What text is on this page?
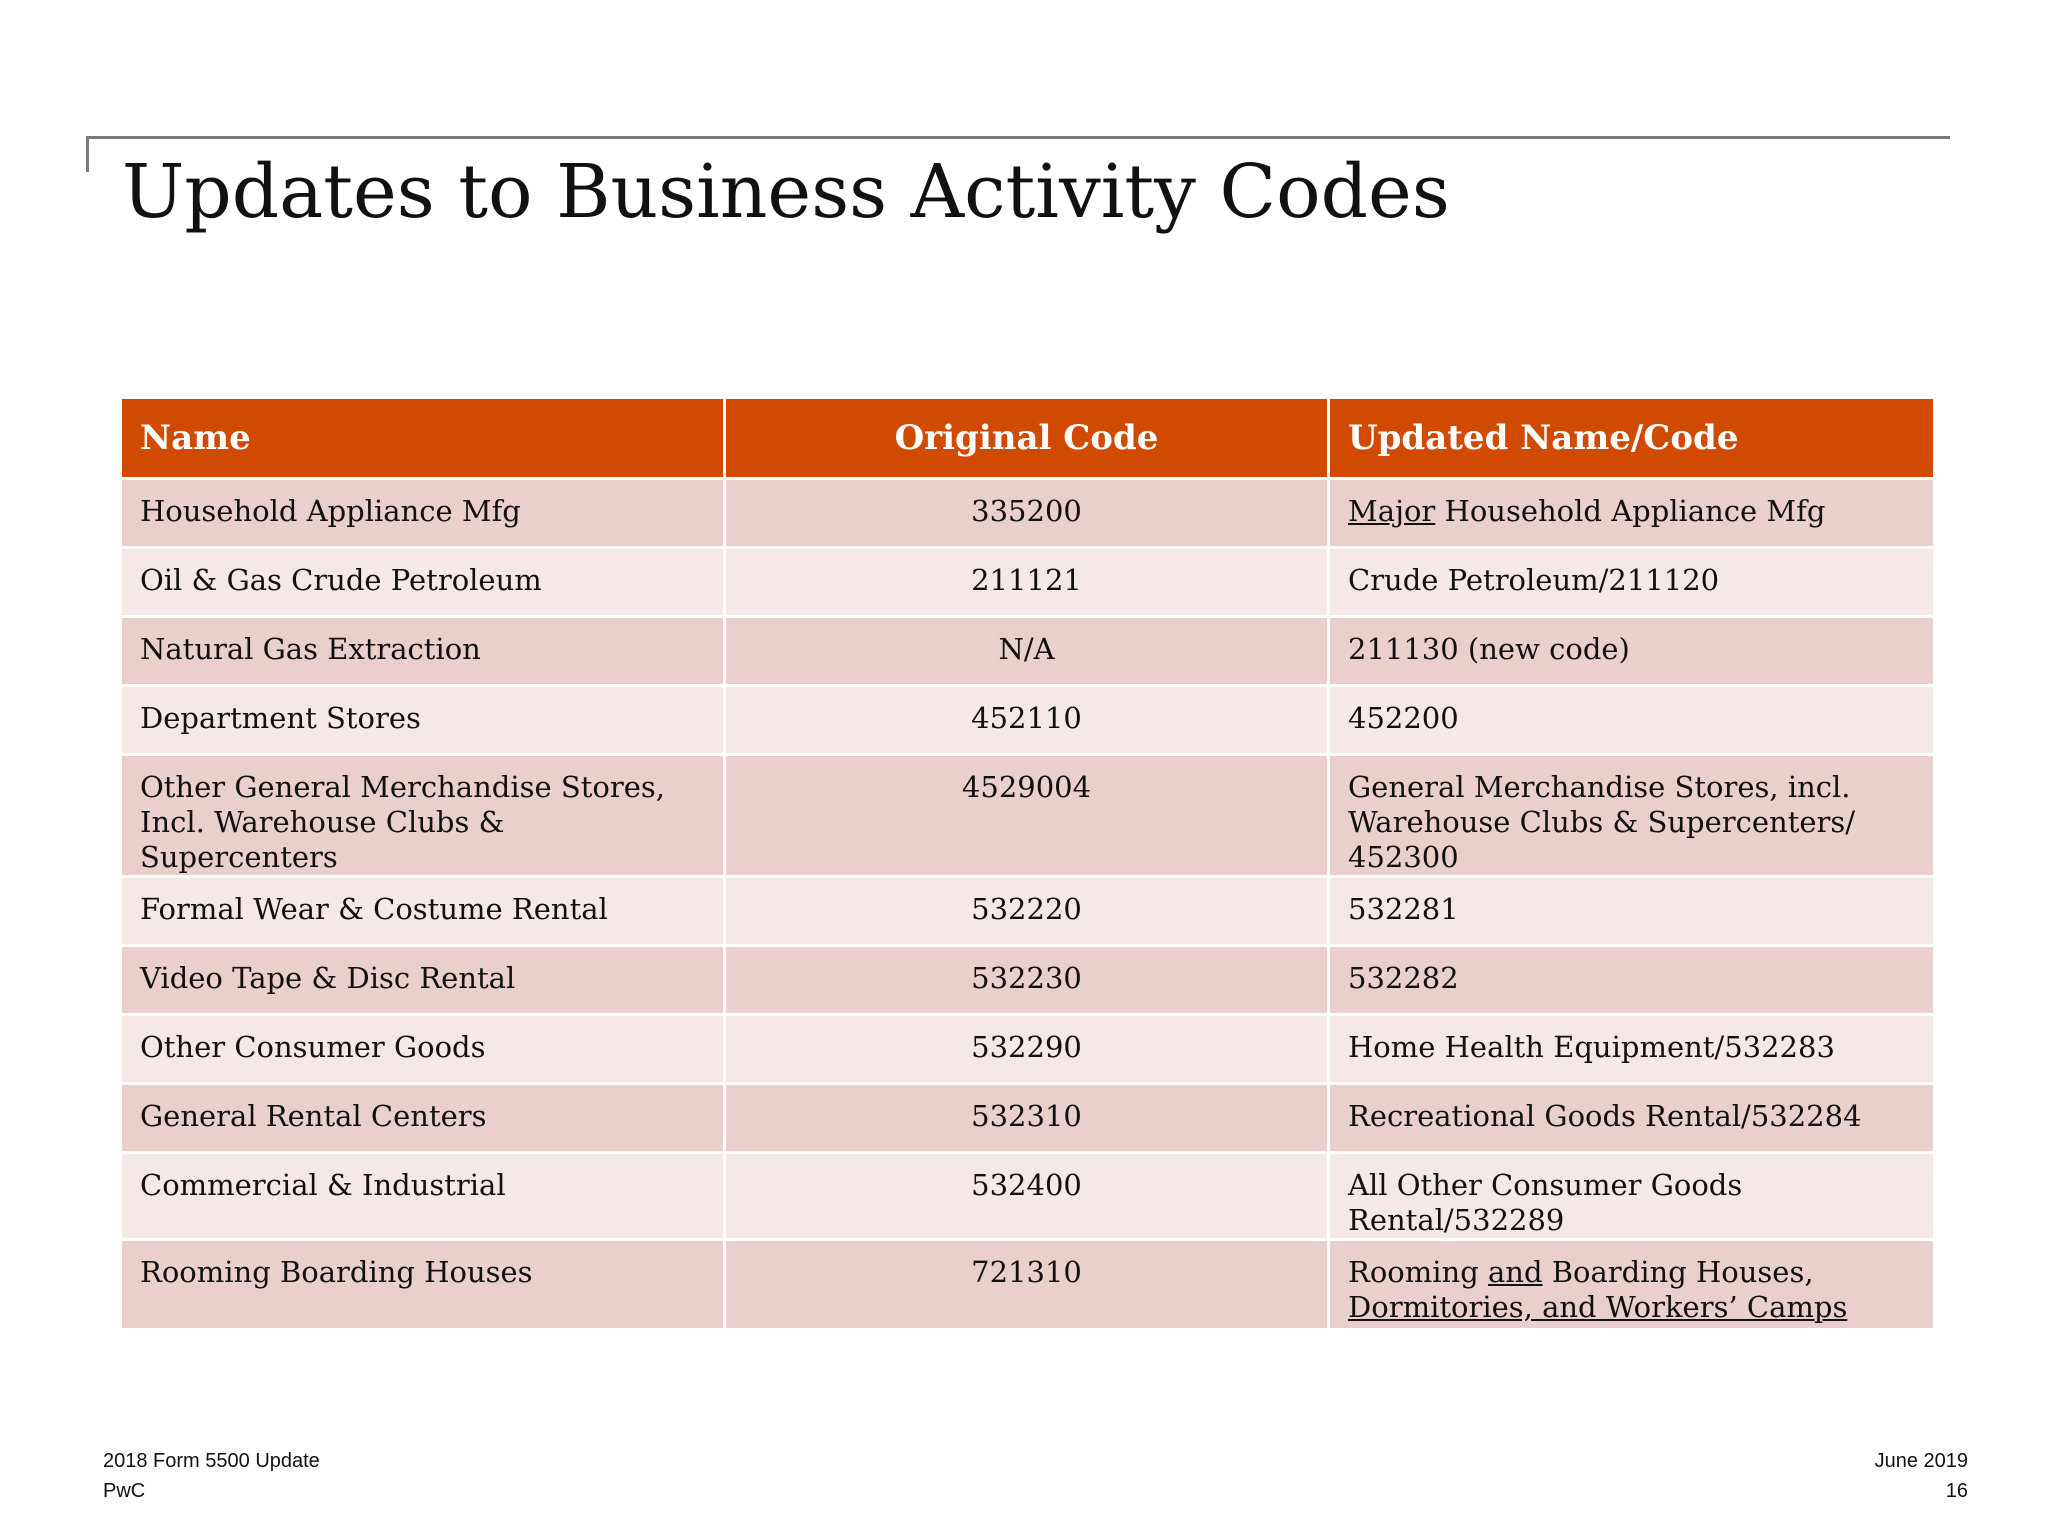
Updates to Business Activity Codes
Name	Original Code	Updated Name/Code
Household Appliance Mfg	335200	Major Household Appliance Mfg
Oil & Gas Crude Petroleum	211121	Crude Petroleum/211120
Natural Gas Extraction	N/A	211130 (new code)
Department Stores	452110	452200
Other General Merchandise Stores, Incl. Warehouse Clubs & Supercenters	4529004	General Merchandise Stores, incl. Warehouse Clubs & Supercenters/ 452300
Formal Wear & Costume Rental	532220	532281
Video Tape & Disc Rental	532230	532282
Other Consumer Goods	532290	Home Health Equipment/532283
General Rental Centers	532310	Recreational Goods Rental/532284
Commercial & Industrial	532400	All Other Consumer Goods Rental/532289
Rooming Boarding Houses	721310	Rooming and Boarding Houses, Dormitories, and Workers’ Camps
2018 Form 5500 Update
PwC
June 2019
16
